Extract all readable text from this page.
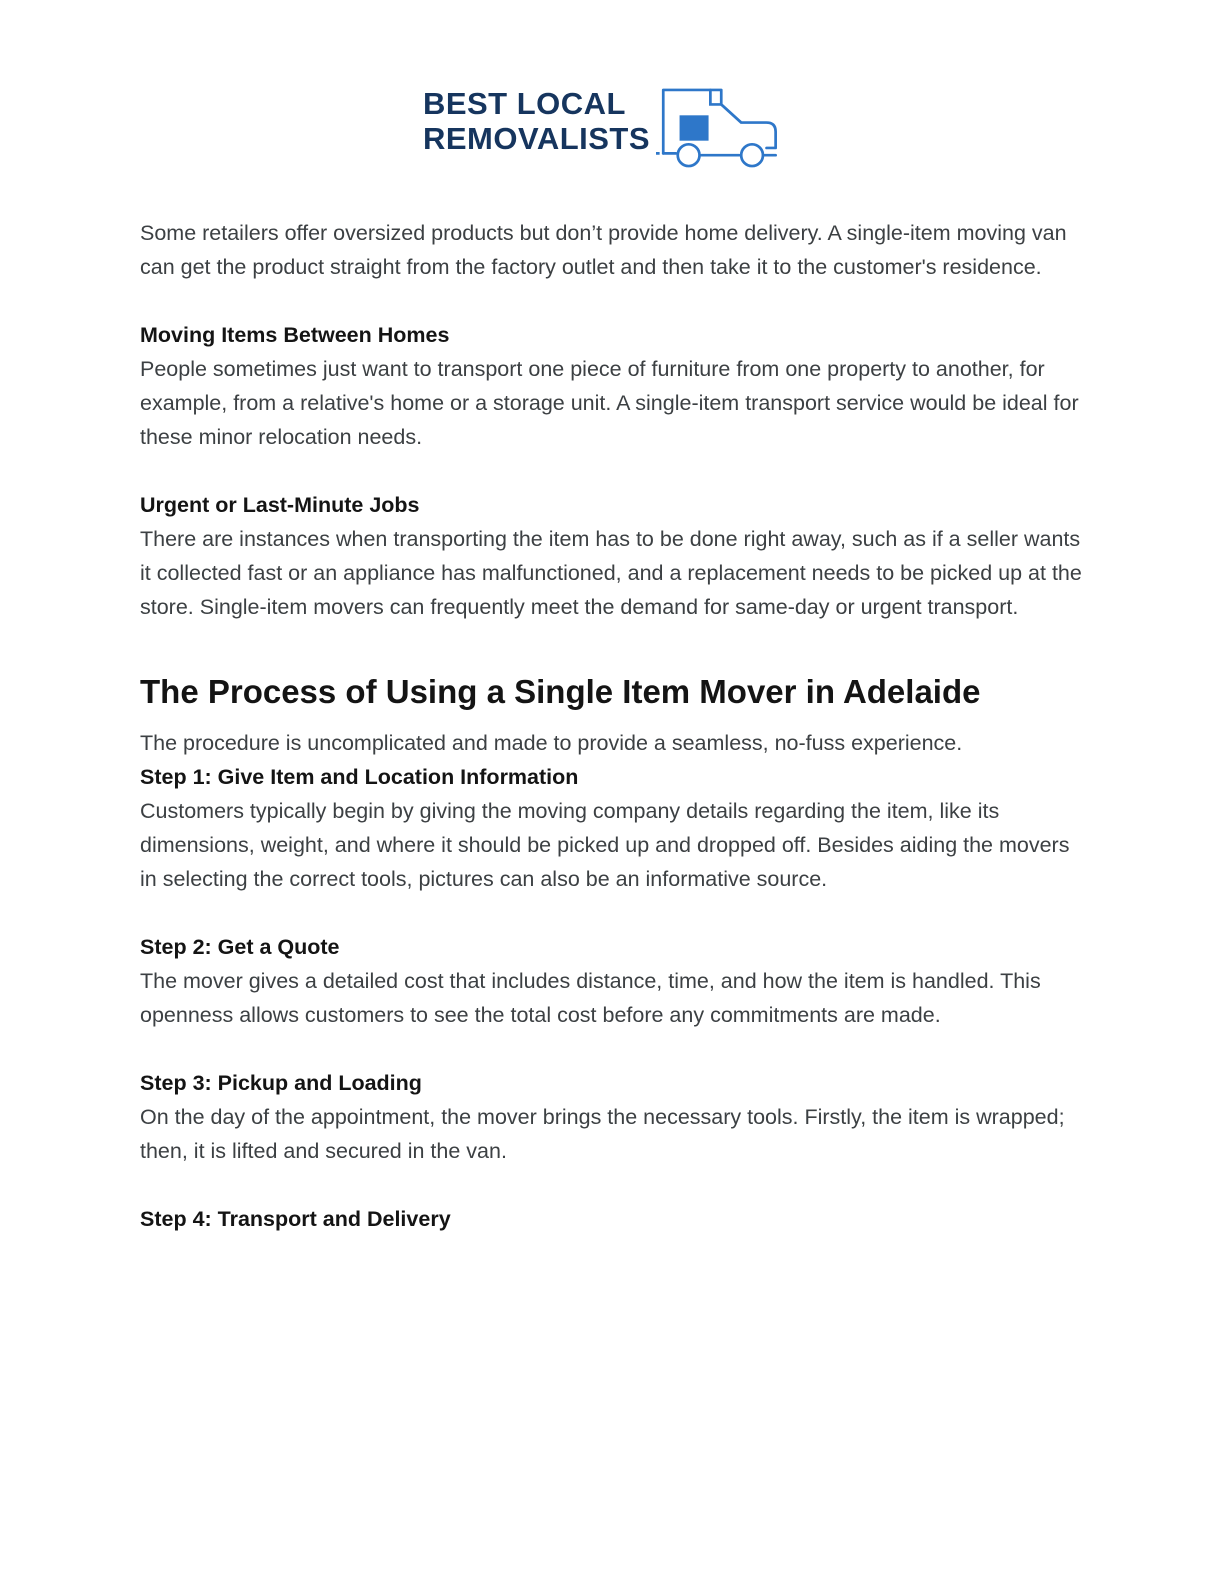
BEST LOCAL
REMOVALISTS

Some retailers offer oversized products but don’t provide home delivery. A single-item moving van can get the product straight from the factory outlet and then take it to the customer's residence.

Moving Items Between Homes

People sometimes just want to transport one piece of furniture from one property to another, for example, from a relative's home or a storage unit. A single-item transport service would be ideal for these minor relocation needs.

Urgent or Last-Minute Jobs

There are instances when transporting the item has to be done right away, such as if a seller wants it collected fast or an appliance has malfunctioned, and a replacement needs to be picked up at the store. Single-item movers can frequently meet the demand for same-day or urgent transport.

The Process of Using a Single Item Mover in Adelaide

The procedure is uncomplicated and made to provide a seamless, no-fuss experience.

Step 1: Give Item and Location Information

Customers typically begin by giving the moving company details regarding the item, like its dimensions, weight, and where it should be picked up and dropped off. Besides aiding the movers in selecting the correct tools, pictures can also be an informative source.

Step 2: Get a Quote

The mover gives a detailed cost that includes distance, time, and how the item is handled. This openness allows customers to see the total cost before any commitments are made.

Step 3: Pickup and Loading

On the day of the appointment, the mover brings the necessary tools. Firstly, the item is wrapped; then, it is lifted and secured in the van.

Step 4: Transport and Delivery
